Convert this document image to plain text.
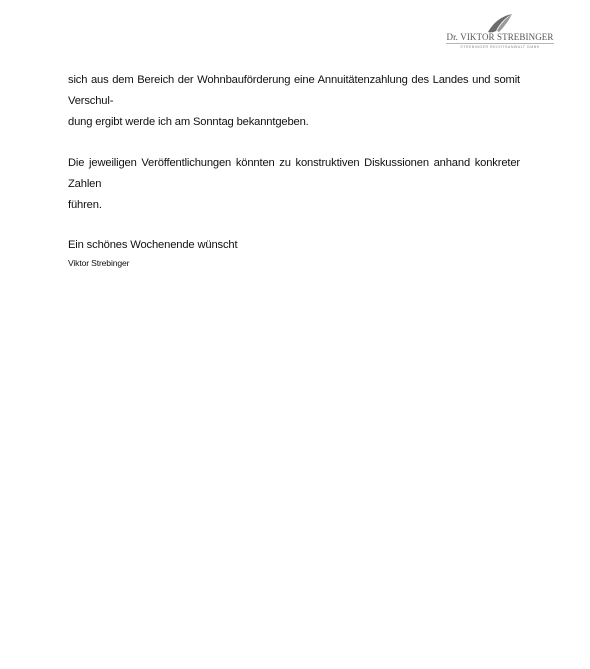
Dr. VIKTOR STREBINGER
STREBINGER RECHTSANWALT GMBH

sich aus dem Bereich der Wohnbauförderung eine Annuitätenzahlung des Landes und somit Verschul-
dung ergibt werde ich am Sonntag bekanntgeben.

Die jeweiligen Veröffentlichungen könnten zu konstruktiven Diskussionen anhand konkreter Zahlen
führen.

Ein schönes Wochenende wünscht

Viktor Strebinger
